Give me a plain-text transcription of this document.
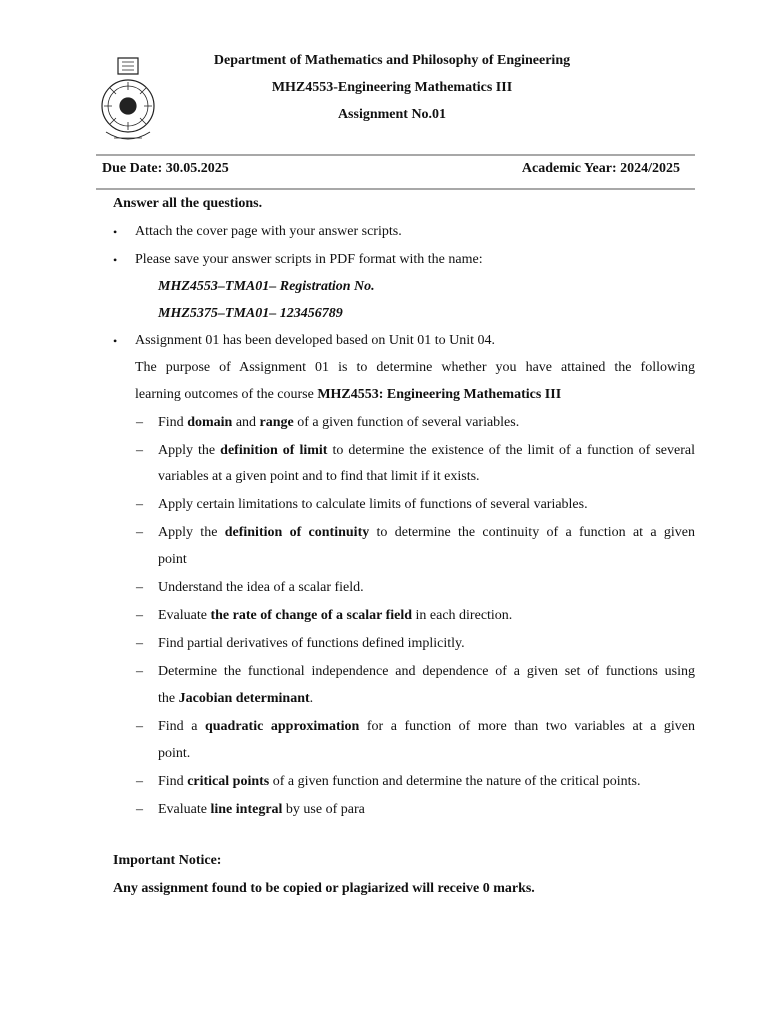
Department of Mathematics and Philosophy of Engineering
MHZ4553-Engineering Mathematics III
Assignment No.01
Due Date: 30.05.2025	Academic Year: 2024/2025
Answer all the questions.
• Attach the cover page with your answer scripts.
• Please save your answer scripts in PDF format with the name:
MHZ4553–TMA01– Registration No.
MHZ5375–TMA01– 123456789
• Assignment 01 has been developed based on Unit 01 to Unit 04.
The purpose of Assignment 01 is to determine whether you have attained the following
learning outcomes of the course MHZ4553: Engineering Mathematics III
– Find domain and range of a given function of several variables.
– Apply the definition of limit to determine the existence of the limit of a function of several
variables at a given point and to find that limit if it exists.
– Apply certain limitations to calculate limits of functions of several variables.
– Apply the definition of continuity to determine the continuity of a function at a given
point
– Understand the idea of a scalar field.
– Evaluate the rate of change of a scalar field in each direction.
– Find partial derivatives of functions defined implicitly.
– Determine the functional independence and dependence of a given set of functions using
the Jacobian determinant.
– Find a quadratic approximation for a function of more than two variables at a given
point.
– Find critical points of a given function and determine the nature of the critical points.
– Evaluate line integral by use of para
Important Notice:
Any assignment found to be copied or plagiarized will receive 0 marks.
